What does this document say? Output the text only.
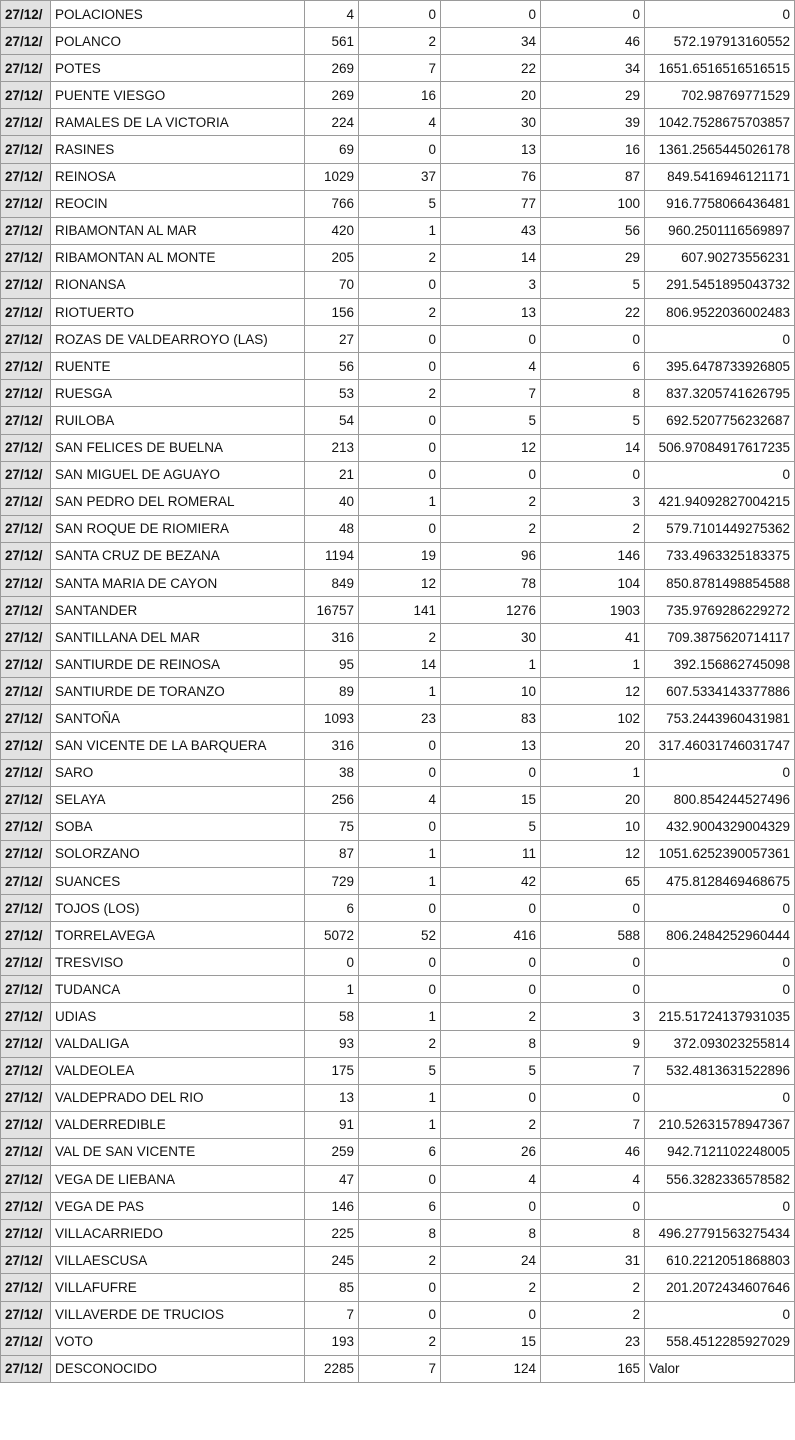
27/12/	POLACIONES	4	0	0	0	0
27/12/	POLANCO	561	2	34	46	572.197913160552
27/12/	POTES	269	7	22	34	1651.6516516516515
27/12/	PUENTE VIESGO	269	16	20	29	702.98769771529
27/12/	RAMALES DE LA VICTORIA	224	4	30	39	1042.7528675703857
27/12/	RASINES	69	0	13	16	1361.2565445026178
27/12/	REINOSA	1029	37	76	87	849.5416946121171
27/12/	REOCIN	766	5	77	100	916.7758066436481
27/12/	RIBAMONTAN AL MAR	420	1	43	56	960.2501116569897
27/12/	RIBAMONTAN AL MONTE	205	2	14	29	607.90273556231
27/12/	RIONANSA	70	0	3	5	291.5451895043732
27/12/	RIOTUERTO	156	2	13	22	806.9522036002483
27/12/	ROZAS DE VALDEARROYO (LAS)	27	0	0	0	0
27/12/	RUENTE	56	0	4	6	395.6478733926805
27/12/	RUESGA	53	2	7	8	837.3205741626795
27/12/	RUILOBA	54	0	5	5	692.5207756232687
27/12/	SAN FELICES DE BUELNA	213	0	12	14	506.97084917617235
27/12/	SAN MIGUEL DE AGUAYO	21	0	0	0	0
27/12/	SAN PEDRO DEL ROMERAL	40	1	2	3	421.94092827004215
27/12/	SAN ROQUE DE RIOMIERA	48	0	2	2	579.7101449275362
27/12/	SANTA CRUZ DE BEZANA	1194	19	96	146	733.4963325183375
27/12/	SANTA MARIA DE CAYON	849	12	78	104	850.8781498854588
27/12/	SANTANDER	16757	141	1276	1903	735.9769286229272
27/12/	SANTILLANA DEL MAR	316	2	30	41	709.3875620714117
27/12/	SANTIURDE DE REINOSA	95	14	1	1	392.156862745098
27/12/	SANTIURDE DE TORANZO	89	1	10	12	607.5334143377886
27/12/	SANTOÑA	1093	23	83	102	753.2443960431981
27/12/	SAN VICENTE DE LA BARQUERA	316	0	13	20	317.46031746031747
27/12/	SARO	38	0	0	1	0
27/12/	SELAYA	256	4	15	20	800.854244527496
27/12/	SOBA	75	0	5	10	432.9004329004329
27/12/	SOLORZANO	87	1	11	12	1051.6252390057361
27/12/	SUANCES	729	1	42	65	475.8128469468675
27/12/	TOJOS (LOS)	6	0	0	0	0
27/12/	TORRELAVEGA	5072	52	416	588	806.2484252960444
27/12/	TRESVISO	0	0	0	0	0
27/12/	TUDANCA	1	0	0	0	0
27/12/	UDIAS	58	1	2	3	215.51724137931035
27/12/	VALDALIGA	93	2	8	9	372.093023255814
27/12/	VALDEOLEA	175	5	5	7	532.4813631522896
27/12/	VALDEPRADO DEL RIO	13	1	0	0	0
27/12/	VALDERREDIBLE	91	1	2	7	210.52631578947367
27/12/	VAL DE SAN VICENTE	259	6	26	46	942.7121102248005
27/12/	VEGA DE LIEBANA	47	0	4	4	556.3282336578582
27/12/	VEGA DE PAS	146	6	0	0	0
27/12/	VILLACARRIEDO	225	8	8	8	496.27791563275434
27/12/	VILLAESCUSA	245	2	24	31	610.2212051868803
27/12/	VILLAFUFRE	85	0	2	2	201.2072434607646
27/12/	VILLAVERDE DE TRUCIOS	7	0	0	2	0
27/12/	VOTO	193	2	15	23	558.4512285927029
27/12/	DESCONOCIDO	2285	7	124	165	Valor
